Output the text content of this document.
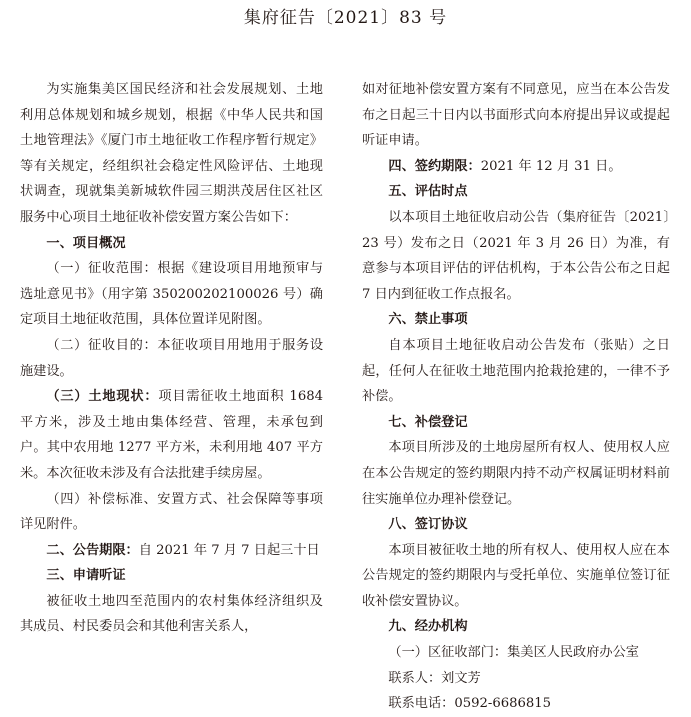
集府征告〔2021〕83 号

为实施集美区国民经济和社会发展规划、土地利用总体规划和城乡规划，根据《中华人民共和国土地管理法》《厦门市土地征收工作程序暂行规定》等有关规定，经组织社会稳定性风险评估、土地现状调查，现就集美新城软件园三期洪茂居住区社区服务中心项目土地征收补偿安置方案公告如下：

一、项目概况

（一）征收范围：根据《建设项目用地预审与选址意见书》（用字第 350200202100026 号）确定项目土地征收范围，具体位置详见附图。

（二）征收目的：本征收项目用地用于服务设施建设。

（三）土地现状：项目需征收土地面积 1684 平方米，涉及土地由集体经营、管理，未承包到户。其中农用地 1277 平方米，未利用地 407 平方米。本次征收未涉及有合法批建手续房屋。

（四）补偿标准、安置方式、社会保障等事项详见附件。

二、公告期限：自 2021 年 7 月 7 日起三十日

三、申请听证

被征收土地四至范围内的农村集体经济组织及其成员、村民委员会和其他利害关系人，

如对征地补偿安置方案有不同意见，应当在本公告发布之日起三十日内以书面形式向本府提出异议或提起听证申请。

四、签约期限：2021 年 12 月 31 日。

五、评估时点

以本项目土地征收启动公告（集府征告〔2021〕23 号）发布之日（2021 年 3 月 26 日）为准，有意参与本项目评估的评估机构，于本公告公布之日起 7 日内到征收工作点报名。

六、禁止事项

自本项目土地征收启动公告发布（张贴）之日起，任何人在征收土地范围内抢栽抢建的，一律不予补偿。

七、补偿登记

本项目所涉及的土地房屋所有权人、使用权人应在本公告规定的签约期限内持不动产权属证明材料前往实施单位办理补偿登记。

八、签订协议

本项目被征收土地的所有权人、使用权人应在本公告规定的签约期限内与受托单位、实施单位签订征收补偿安置协议。

九、经办机构

（一）区征收部门：集美区人民政府办公室

联系人：刘文芳

联系电话：0592-6686815
